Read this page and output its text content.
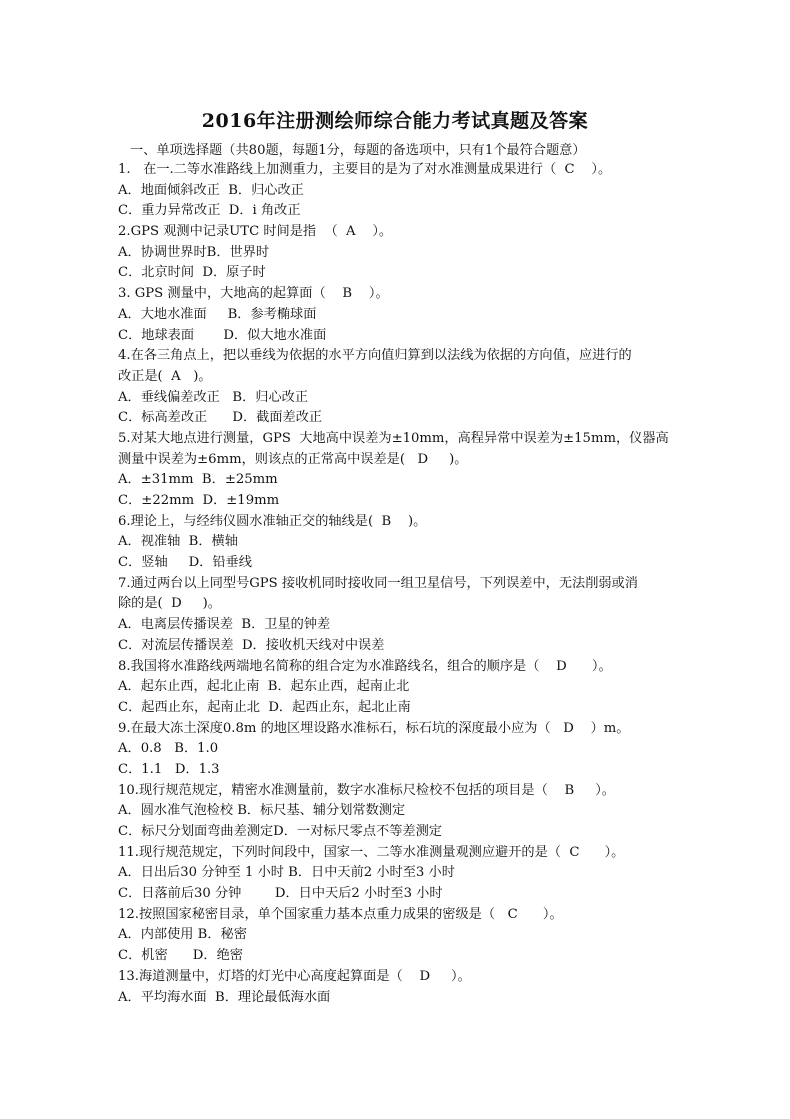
2016年注册测绘师综合能力考试真题及答案
一、单项选择题（共80题，每题1分，每题的备选项中，只有1个最符合题意）
1.   在一.二等水准路线上加测重力，主要目的是为了对水准测量成果进行（  C    ）。
A．地面倾斜改正  B．归心改正
C．重力异常改正  D．i 角改正
2.GPS 观测中记录UTC 时间是指  （  A    ）。
A．协调世界时B．世界时
C．北京时间  D．原子时
3. GPS 测量中，大地高的起算面（    B    ）。
A．大地水准面     B．参考椭球面
C．地球表面       D．似大地水准面
4.在各三角点上，把以垂线为依据的水平方向值归算到以法线为依据的方向值，应进行的
改正是(  A   )。
A．垂线偏差改正   B．归心改正
C．标高差改正      D．截面差改正
5.对某大地点进行测量，GPS  大地高中误差为±10mm，高程异常中误差为±15mm，仪器高
测量中误差为±6mm，则该点的正常高中误差是(   D     )。
A．±31mm  B．±25mm
C．±22mm  D．±19mm
6.理论上，与经纬仪圆水准轴正交的轴线是(  B    )。
A．视准轴  B．横轴
C．竖轴     D．铅垂线
7.通过两台以上同型号GPS 接收机同时接收同一组卫星信号，下列误差中，无法削弱或消
除的是(  D     )。
A．电离层传播误差  B．卫星的钟差
C．对流层传播误差  D．接收机天线对中误差
8.我国将水准路线两端地名简称的组合定为水准路线名，组合的顺序是（    D      ）。
A．起东止西，起北止南  B．起东止西，起南止北
C．起西止东，起南止北  D．起西止东，起北止南
9.在最大冻土深度0.8m 的地区埋设路水准标石，标石坑的深度最小应为（   D    ）m。
A．0.8   B．1.0
C．1.1   D．1.3
10.现行规范规定，精密水准测量前，数字水准标尺检校不包括的项目是（    B     ）。
A．圆水准气泡检校 B．标尺基、辅分划常数测定
C．标尺分划面弯曲差测定D．一对标尺零点不等差测定
11.现行规范规定，下列时间段中，国家一、二等水准测量观测应避开的是（  C      ）。
A．日出后30 分钟至 1 小时 B．日中天前2 小时至3 小时
C．日落前后30 分钟        D．日中天后2 小时至3 小时
12.按照国家秘密目录，单个国家重力基本点重力成果的密级是（   C      ）。
A．内部使用 B．秘密
C．机密      D．绝密
13.海道测量中，灯塔的灯光中心高度起算面是（    D     ）。
A．平均海水面  B．理论最低海水面
